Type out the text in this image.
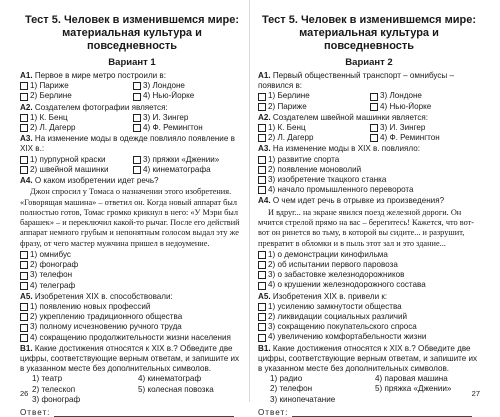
Тест 5. Человек в изменившемся мире: материальная культура и повседневность
Вариант 1
А1. Первое в мире метро построили в:
1) Париже	3) Лондоне
2) Берлине	4) Нью-Йорке
А2. Создателем фотографии является:
1) К. Бенц	3) И. Зингер
2) Л. Дагерр	4) Ф. Ремингтон
А3. На изменение моды в одежде повлияло появление в XIX в.:
1) пурпурной краски	3) пряжки «Джении»
2) швейной машинки	4) кинематографа
А4. О каком изобретении идет речь?
Джон спросил у Томаса о назначении этого изобретения. «Говорящая машина» – ответил он. Когда новый аппарат был полностью готов, Томас громко крикнул в него: «У Мэри был барашек» – и переключил какой-то рычаг. После его действий аппарат немного грубым и непонятным голосом выдал эту же фразу, от чего мастер мужчина пришел в недоумение.
1) омнибус
2) фонограф
3) телефон
4) телеграф
А5. Изобретения XIX в. способствовали:
1) появлению новых профессий
2) укреплению традиционного общества
3) полному исчезновению ручного труда
4) сокращению продолжительности жизни населения
В1. Какие достижения относятся к XIX в.? Обведите две цифры, соответствующие верным ответам, и запишите их в указанном месте без дополнительных символов.
1) театр	4) кинематограф
2) телескоп	5) колесная повозка
3) фонограф
Ответ:
26
Тест 5. Человек в изменившемся мире: материальная культура и повседневность
Вариант 2
А1. Первый общественный транспорт – омнибусы – появился в:
1) Берлине	3) Лондоне
2) Париже	4) Нью-Йорке
А2. Создателем швейной машинки является:
1) К. Бенц	3) И. Зингер
2) Л. Дагерр	4) Ф. Ремингтон
А3. На изменение моды в XIX в. повлияло:
1) развитие спорта
2) появление моноволий
3) изобретение ткацкого станка
4) начало промышленного переворота
А4. О чем идет речь в отрывке из произведения?
И вдруг... на экране явился поезд железной дороги. Он мчится стрелой прямо на вас – берегитесь! Кажется, что вот-вот он ринется во тьму, в которой вы сидите... и разрушит, превратит в обломки и в пыль этот зал и это здание...
1) о демонстрации кинофильма
2) об испытании первого паровоза
3) о забастовке железнодорожников
4) о крушении железнодорожного состава
А5. Изобретения XIX в. привели к:
1) усилению замкнутости общества
2) ликвидации социальных различий
3) сокращению покупательского спроса
4) увеличению комфортабельности жизни
В1. Какие достижения относятся к XIX в.? Обведите две цифры, соответствующие верным ответам, и запишите их в указанном месте без дополнительных символов.
1) радио	4) паровая машина
2) телефон	5) пряжка «Джении»
3) кинопечатание
Ответ:
27
